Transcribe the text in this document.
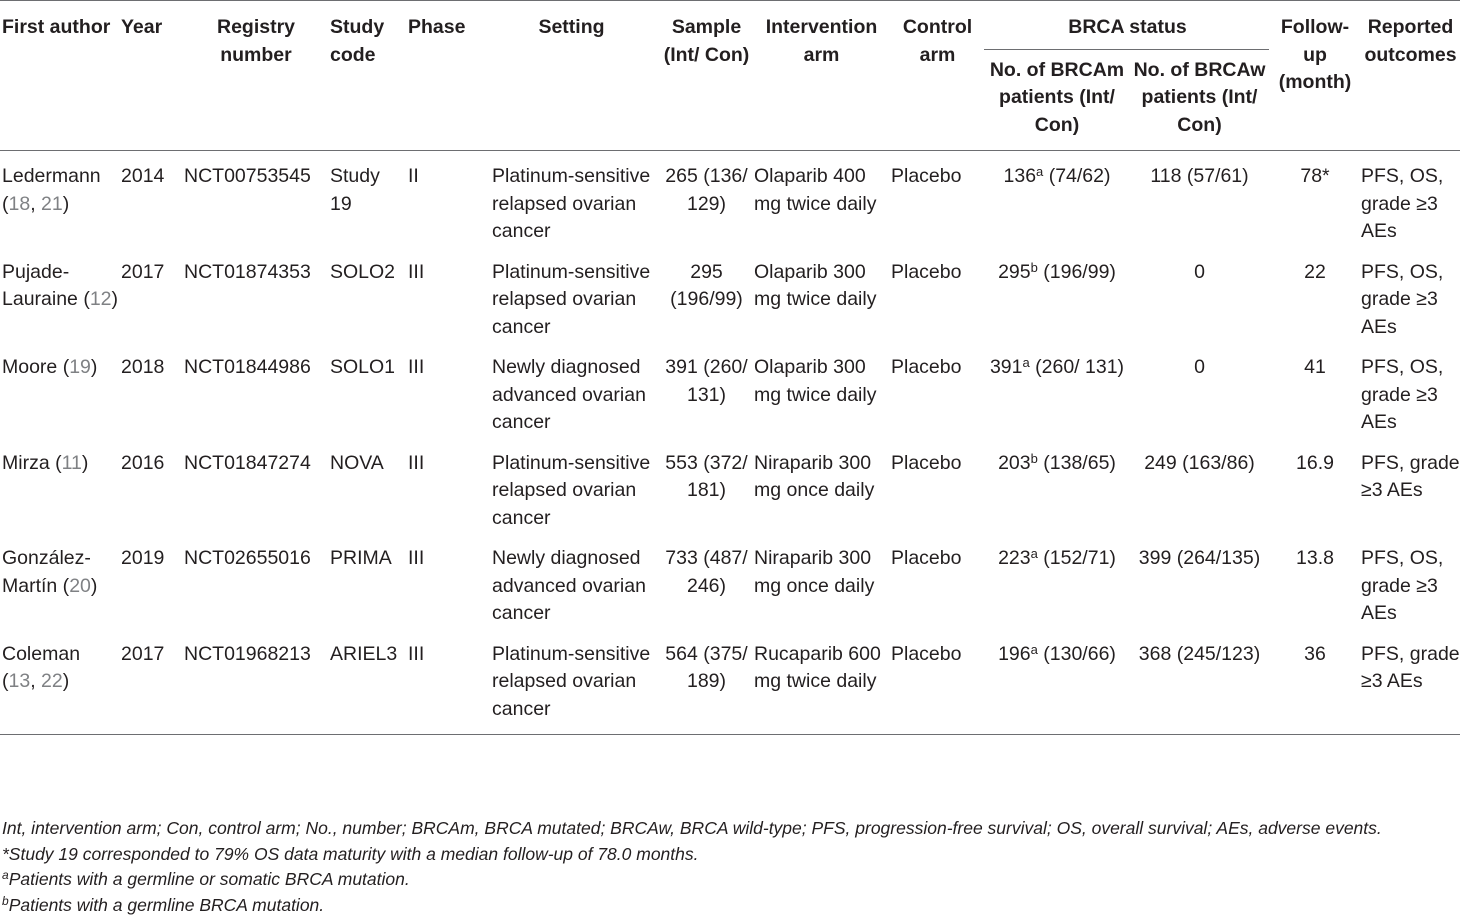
First author	Year	Registry number	Study code	Phase	Setting	Sample (Int/ Con)	Intervention arm	Control arm	BRCA status		Follow-up (month)	Reported outcomes
									No. of BRCAm patients (Int/ Con)	No. of BRCAw patients (Int/ Con)		
Ledermann (18, 21)	2014	NCT00753545	Study 19	II	Platinum-sensitive relapsed ovarian cancer	265 (136/ 129)	Olaparib 400 mg twice daily	Placebo	136$^a$ (74/62)	118 (57/61)	78*	PFS, OS, grade ≥3 AEs
Pujade-Lauraine (12)	2017	NCT01874353	SOLO2	III	Platinum-sensitive relapsed ovarian cancer	295 (196/99)	Olaparib 300 mg twice daily	Placebo	295$^b$ (196/99)	0	22	PFS, OS, grade ≥3 AEs
Moore (19)	2018	NCT01844986	SOLO1	III	Newly diagnosed advanced ovarian cancer	391 (260/ 131)	Olaparib 300 mg twice daily	Placebo	391$^a$ (260/ 131)	0	41	PFS, OS, grade ≥3 AEs
Mirza (11)	2016	NCT01847274	NOVA	III	Platinum-sensitive relapsed ovarian cancer	553 (372/ 181)	Niraparib 300 mg once daily	Placebo	203$^b$ (138/65)	249 (163/86)	16.9	PFS, grade ≥3 AEs
González-Martín (20)	2019	NCT02655016	PRIMA	III	Newly diagnosed advanced ovarian cancer	733 (487/ 246)	Niraparib 300 mg once daily	Placebo	223$^a$ (152/71)	399 (264/135)	13.8	PFS, OS, grade ≥3 AEs
Coleman (13, 22)	2017	NCT01968213	ARIEL3	III	Platinum-sensitive relapsed ovarian cancer	564 (375/ 189)	Rucaparib 600 mg twice daily	Placebo	196$^a$ (130/66)	368 (245/123)	36	PFS, grade ≥3 AEs
Int, intervention arm; Con, control arm; No., number; BRCAm, BRCA mutated; BRCAw, BRCA wild-type; PFS, progression-free survival; OS, overall survival; AEs, adverse events.
*Study 19 corresponded to 79% OS data maturity with a median follow-up of 78.0 months.
$^a$Patients with a germline or somatic BRCA mutation.
$^b$Patients with a germline BRCA mutation.
